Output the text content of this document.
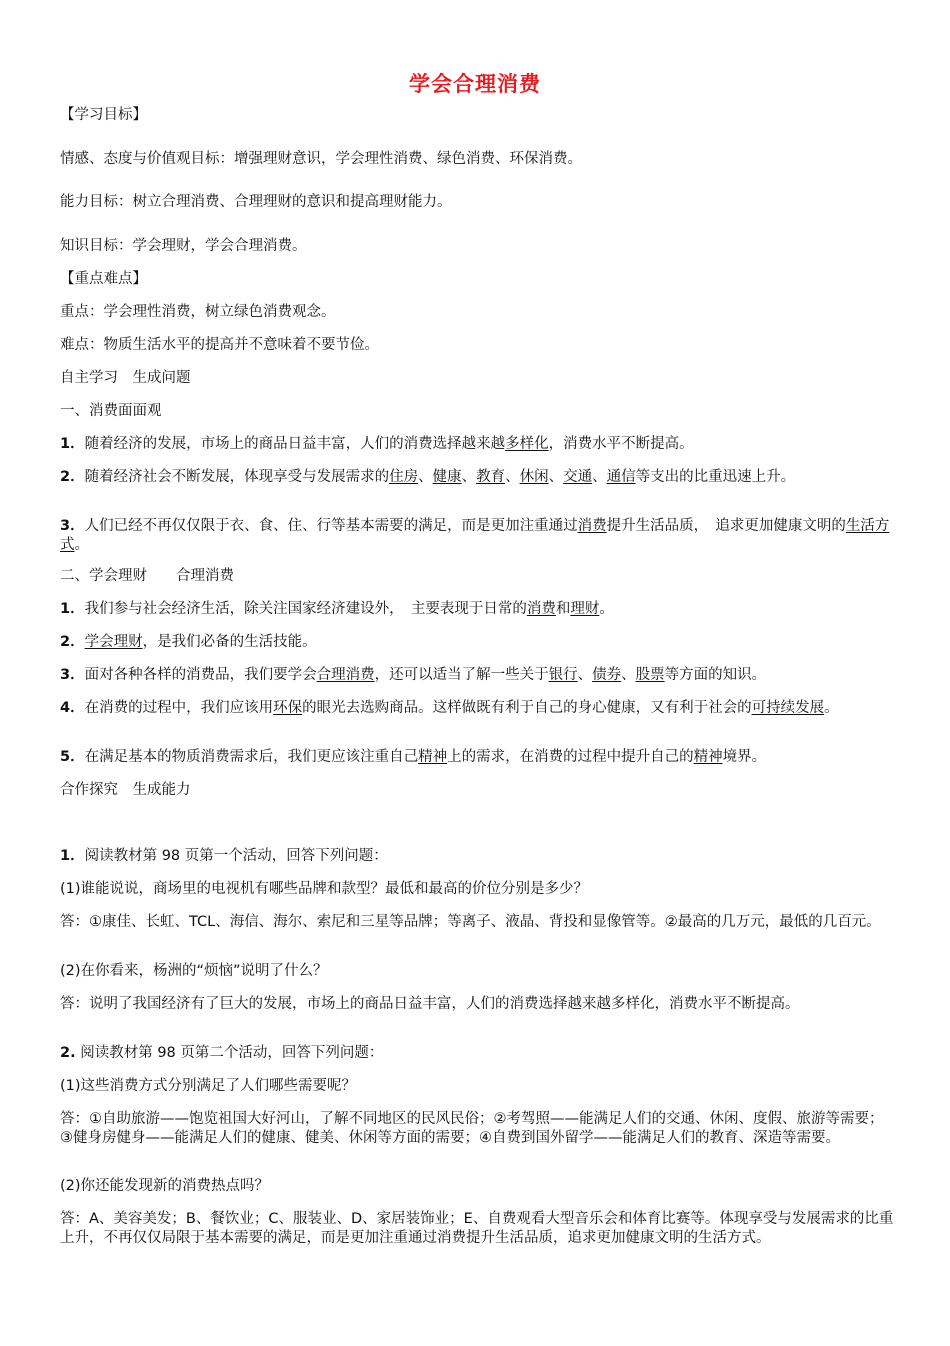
学会合理消费
【学习目标】
情感、态度与价值观目标：增强理财意识，学会理性消费、绿色消费、环保消费。
能力目标：树立合理消费、合理理财的意识和提高理财能力。
知识目标：学会理财，学会合理消费。
【重点难点】
重点：学会理性消费，树立绿色消费观念。
难点：物质生活水平的提高并不意味着不要节俭。
自主学习　生成问题
一、消费面面观
1．随着经济的发展，市场上的商品日益丰富，人们的消费选择越来越多样化，消费水平不断提高。
2．随着经济社会不断发展，体现享受与发展需求的住房、健康、教育、休闲、交通、通信等支出的比重迅速上升。
3．人们已经不再仅仅限于衣、食、住、行等基本需要的满足，而是更加注重通过消费提升生活品质，　追求更加健康文明的生活方式。
二、学会理财　　合理消费
1．我们参与社会经济生活，除关注国家经济建设外，　主要表现于日常的消费和理财。
2．学会理财，是我们必备的生活技能。
3．面对各种各样的消费品，我们要学会合理消费，还可以适当了解一些关于银行、债券、股票等方面的知识。
4．在消费的过程中，我们应该用环保的眼光去选购商品。这样做既有利于自己的身心健康，又有利于社会的可持续发展。
5．在满足基本的物质消费需求后，我们更应该注重自己精神上的需求，在消费的过程中提升自己的精神境界。
合作探究　生成能力
1．阅读教材第 98 页第一个活动，回答下列问题：
(1)谁能说说，商场里的电视机有哪些品牌和款型？最低和最高的价位分别是多少？
答：①康佳、长虹、TCL、海信、海尔、索尼和三星等品牌；等离子、液晶、背投和显像管等。②最高的几万元，最低的几百元。
(2)在你看来，杨洲的“烦恼”说明了什么？
答：说明了我国经济有了巨大的发展，市场上的商品日益丰富，人们的消费选择越来越多样化，消费水平不断提高。
2. 阅读教材第 98 页第二个活动，回答下列问题：
(1)这些消费方式分别满足了人们哪些需要呢？
答：①自助旅游——饱览祖国大好河山，了解不同地区的民风民俗；②考驾照——能满足人们的交通、休闲、度假、旅游等需要；③健身房健身——能满足人们的健康、健美、休闲等方面的需要；④自费到国外留学——能满足人们的教育、深造等需要。
(2)你还能发现新的消费热点吗？
答：A、美容美发；B、餐饮业；C、服装业、D、家居装饰业；E、自费观看大型音乐会和体育比赛等。体现享受与发展需求的比重上升，不再仅仅局限于基本需要的满足，而是更加注重通过消费提升生活品质，追求更加健康文明的生活方式。
